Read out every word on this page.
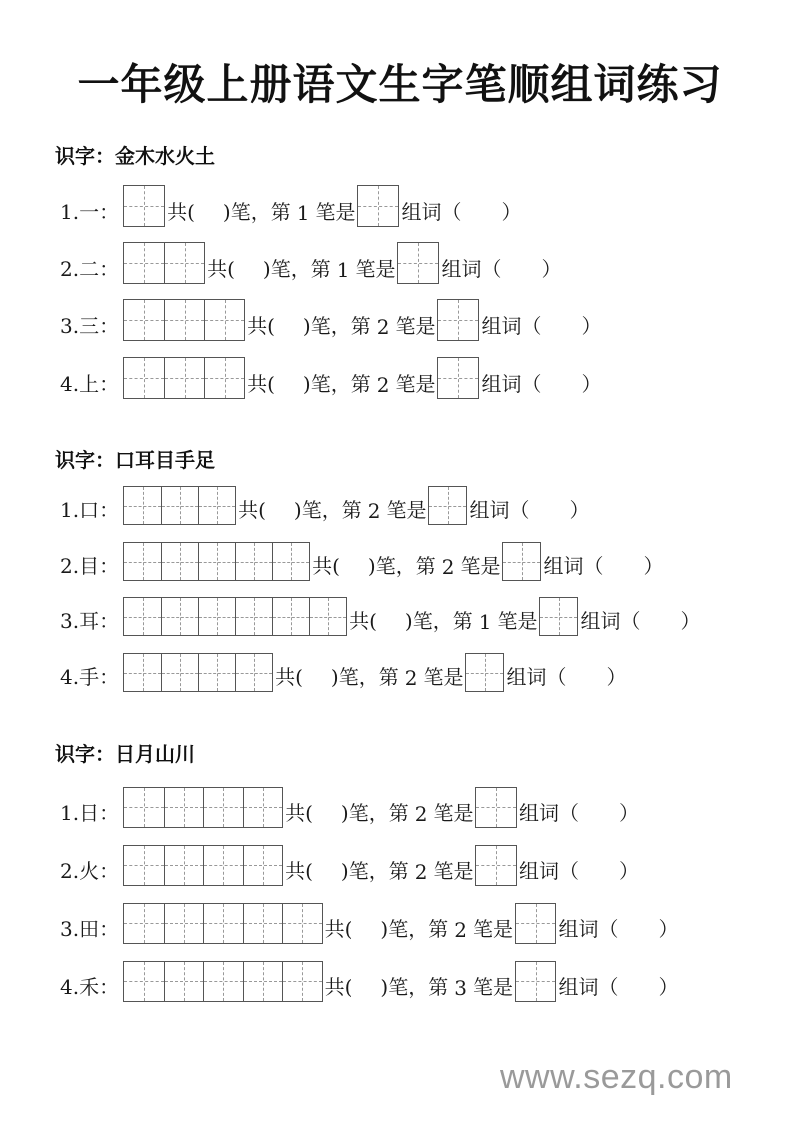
一年级上册语文生字笔顺组词练习
识字：金木水火土
1.一： 共( )笔，第 1 笔是 组词（ ）
2.二：	共( )笔，第 1 笔是 组词（ ）
3.三：	共( )笔，第 2 笔是 组词（ ）
4.上：	共( )笔，第 2 笔是 组词（ ）
识字：口耳目手足
1.口：	共( )笔，第 2 笔是 组词（ ）
2.目：	共( )笔，第 2 笔是 组词（ ）
3.耳：	共( )笔，第 1 笔是 组词（ ）
4.手：	共( )笔，第 2 笔是 组词（ ）
识字：日月山川
1.日：	共( )笔，第 2 笔是 组词（ ）
2.火：	共( )笔，第 2 笔是 组词（ ）
3.田：	共( )笔，第 2 笔是 组词（ ）
4.禾：	共( )笔，第 3 笔是 组词（ ）
www.sezq.com
